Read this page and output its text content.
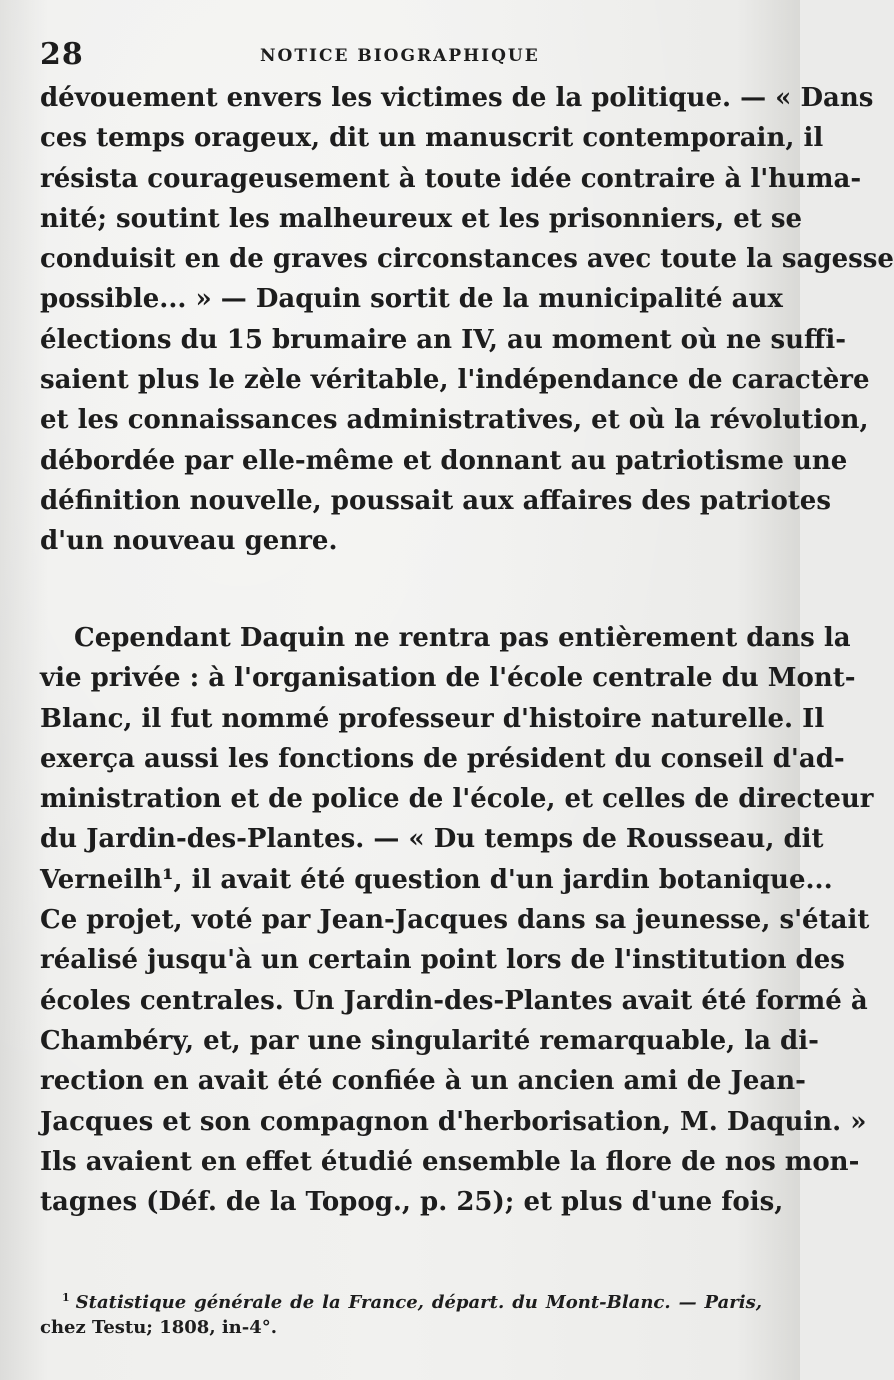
28	NOTICE BIOGRAPHIQUE
dévouement envers les victimes de la politique. — « Dans
ces temps orageux, dit un manuscrit contemporain, il
résista courageusement à toute idée contraire à l'huma-
nité; soutint les malheureux et les prisonniers, et se
conduisit en de graves circonstances avec toute la sagesse
possible... » — Daquin sortit de la municipalité aux
élections du 15 brumaire an IV, au moment où ne suffi-
saient plus le zèle véritable, l'indépendance de caractère
et les connaissances administratives, et où la révolution,
débordée par elle-même et donnant au patriotisme une
définition nouvelle, poussait aux affaires des patriotes
d'un nouveau genre.
Cependant Daquin ne rentra pas entièrement dans la
vie privée : à l'organisation de l'école centrale du Mont-
Blanc, il fut nommé professeur d'histoire naturelle. Il
exerça aussi les fonctions de président du conseil d'ad-
ministration et de police de l'école, et celles de directeur
du Jardin-des-Plantes. — « Du temps de Rousseau, dit
Verneilh¹, il avait été question d'un jardin botanique...
Ce projet, voté par Jean-Jacques dans sa jeunesse, s'était
réalisé jusqu'à un certain point lors de l'institution des
écoles centrales. Un Jardin-des-Plantes avait été formé à
Chambéry, et, par une singularité remarquable, la di-
rection en avait été confiée à un ancien ami de Jean-
Jacques et son compagnon d'herborisation, M. Daquin. »
Ils avaient en effet étudié ensemble la flore de nos mon-
tagnes (Déf. de la Topog., p. 25); et plus d'une fois,
$^1$ Statistique générale de la France, départ. du Mont-Blanc. — Paris,
chez Testu; 1808, in-4°.
